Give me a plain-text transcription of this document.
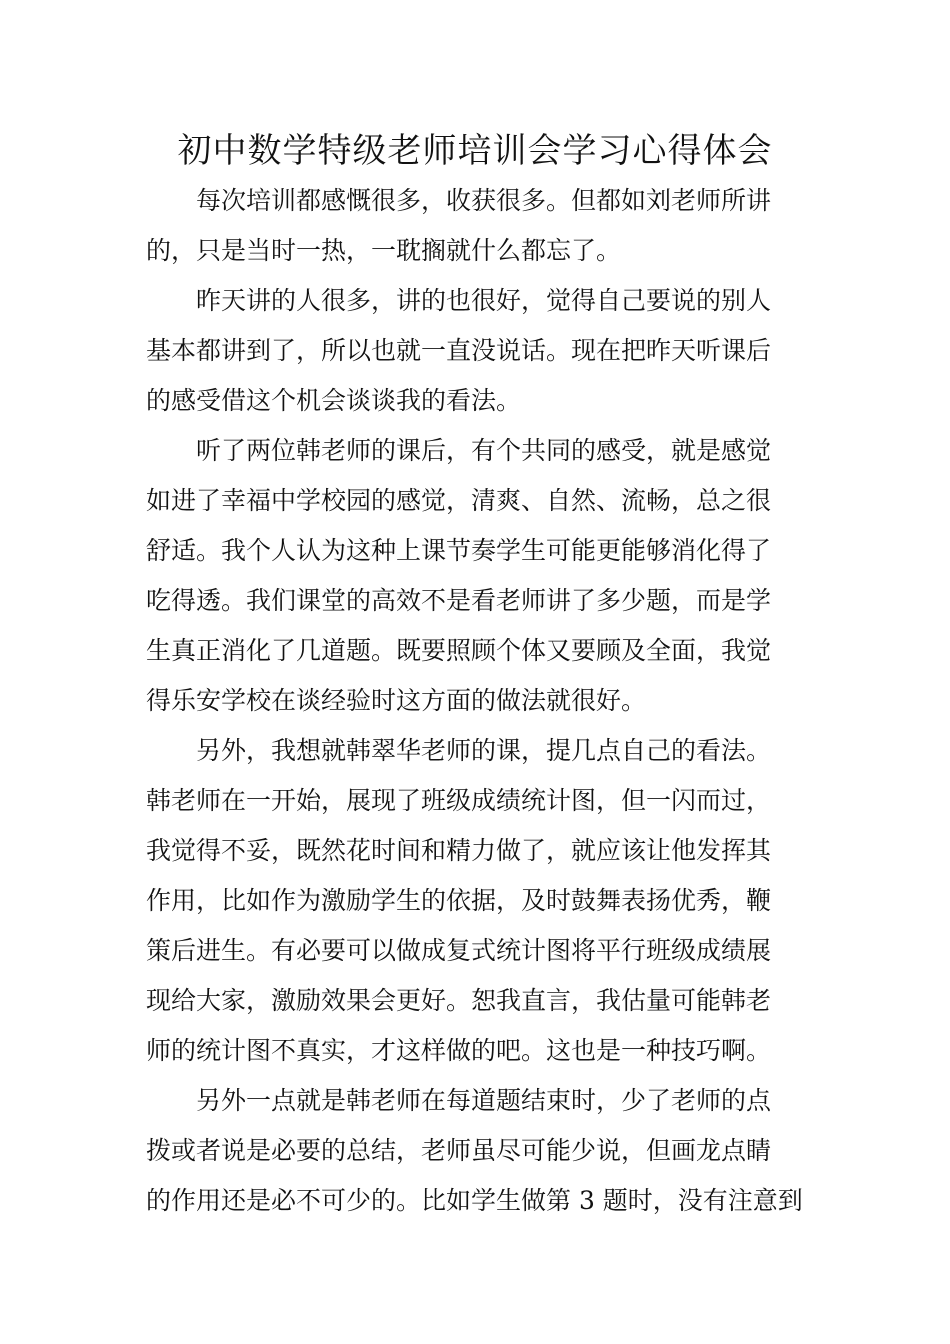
初中数学特级老师培训会学习心得体会

每次培训都感慨很多，收获很多。但都如刘老师所讲
的，只是当时一热，一耽搁就什么都忘了。

昨天讲的人很多，讲的也很好，觉得自己要说的别人
基本都讲到了，所以也就一直没说话。现在把昨天听课后
的感受借这个机会谈谈我的看法。

听了两位韩老师的课后，有个共同的感受，就是感觉
如进了幸福中学校园的感觉，清爽、自然、流畅，总之很
舒适。我个人认为这种上课节奏学生可能更能够消化得了
吃得透。我们课堂的高效不是看老师讲了多少题，而是学
生真正消化了几道题。既要照顾个体又要顾及全面，我觉
得乐安学校在谈经验时这方面的做法就很好。

另外，我想就韩翠华老师的课，提几点自己的看法。
韩老师在一开始，展现了班级成绩统计图，但一闪而过，
我觉得不妥，既然花时间和精力做了，就应该让他发挥其
作用，比如作为激励学生的依据，及时鼓舞表扬优秀，鞭
策后进生。有必要可以做成复式统计图将平行班级成绩展
现给大家，激励效果会更好。恕我直言，我估量可能韩老
师的统计图不真实，才这样做的吧。这也是一种技巧啊。

另外一点就是韩老师在每道题结束时，少了老师的点
拨或者说是必要的总结，老师虽尽可能少说，但画龙点睛
的作用还是必不可少的。比如学生做第 3 题时，没有注意到
